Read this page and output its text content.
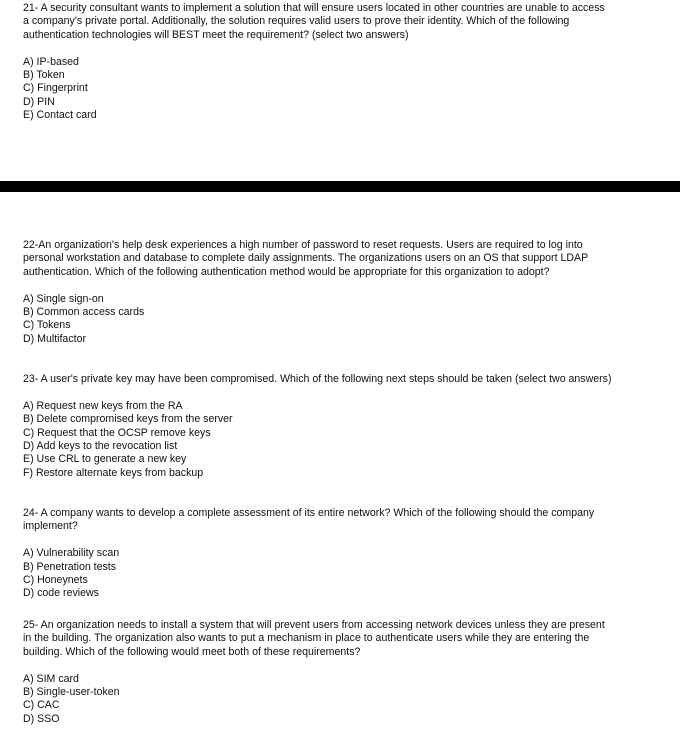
21- A security consultant wants to implement a solution that will ensure users located in other countries are unable to access a company's private portal. Additionally, the solution requires valid users to prove their identity. Which of the following authentication technologies will BEST meet the requirement? (select two answers)

A) IP-based
B) Token
C) Fingerprint
D) PIN
E) Contact card

22-An organization's help desk experiences a high number of password to reset requests. Users are required to log into personal workstation and database to complete daily assignments. The organizations users on an OS that support LDAP authentication. Which of the following authentication method would be appropriate for this organization to adopt?

A) Single sign-on
B) Common access cards
C) Tokens
D) Multifactor

23- A user's private key may have been compromised. Which of the following next steps should be taken (select two answers)

A) Request new keys from the RA
B) Delete compromised keys from the server
C) Request that the OCSP remove keys
D) Add keys to the revocation list
E) Use CRL to generate a new key
F) Restore alternate keys from backup

24- A company wants to develop a complete assessment of its entire network? Which of the following should the company implement?

A) Vulnerability scan
B) Penetration tests
C) Honeynets
D) code reviews

25- An organization needs to install a system that will prevent users from accessing network devices unless they are present in the building. The organization also wants to put a mechanism in place to authenticate users while they are entering the building. Which of the following would meet both of these requirements?

A) SIM card
B) Single-user-token
C) CAC
D) SSO
